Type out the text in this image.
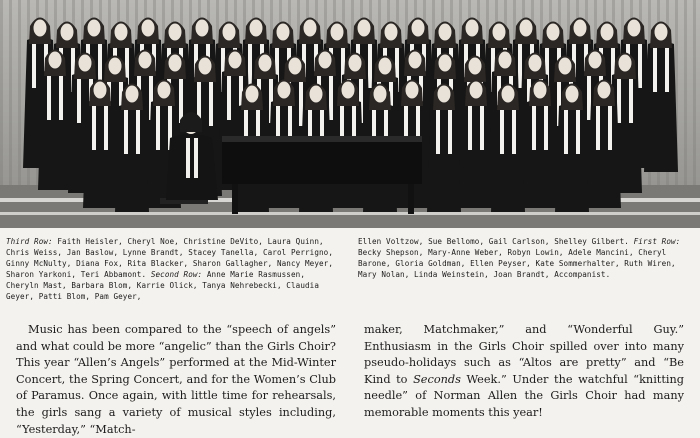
Third Row: Faith Heisler, Cheryl Noe, Christine DeVito, Laura Quinn, Chris Weiss, Jan Baslow, Lynne Brandt, Stacey Tanella, Carol Perrigno, Ginny McNulty, Diana Fox, Rita Blacker, Sharon Gallagher, Nancy Meyer, Sharon Yarkoni, Teri Abbamont. Second Row: Anne Marie Rasmussen, Cheryln Mast, Barbara Blom, Karrie Olick, Tanya Nehrebecki, Claudia Geyer, Patti Blom, Pam Geyer,
Ellen Voltzow, Sue Bellomo, Gail Carlson, Shelley Gilbert. First Row: Becky Shepson, Mary-Anne Weber, Robyn Lowin, Adele Mancini, Cheryl Barone, Gloria Goldman, Ellen Peyser, Kate Sommerhalter, Ruth Wiren, Mary Nolan, Linda Weinstein, Joan Brandt, Accompanist.

Music has been compared to the “speech of angels” and what could be more “angelic” than the Girls Choir? This year “Allen’s Angels” performed at the Mid-Winter Concert, the Spring Concert, and for the Women’s Club of Paramus. Once again, with little time for rehearsals, the girls sang a variety of musical styles including, “Yesterday,” “Match-

maker, Matchmaker,” and “Wonderful Guy.” Enthusiasm in the Girls Choir spilled over into many pseudo-holidays such as “Altos are pretty” and “Be Kind to Seconds Week.” Under the watchful “knitting needle” of Norman Allen the Girls Choir had many memorable moments this year!
